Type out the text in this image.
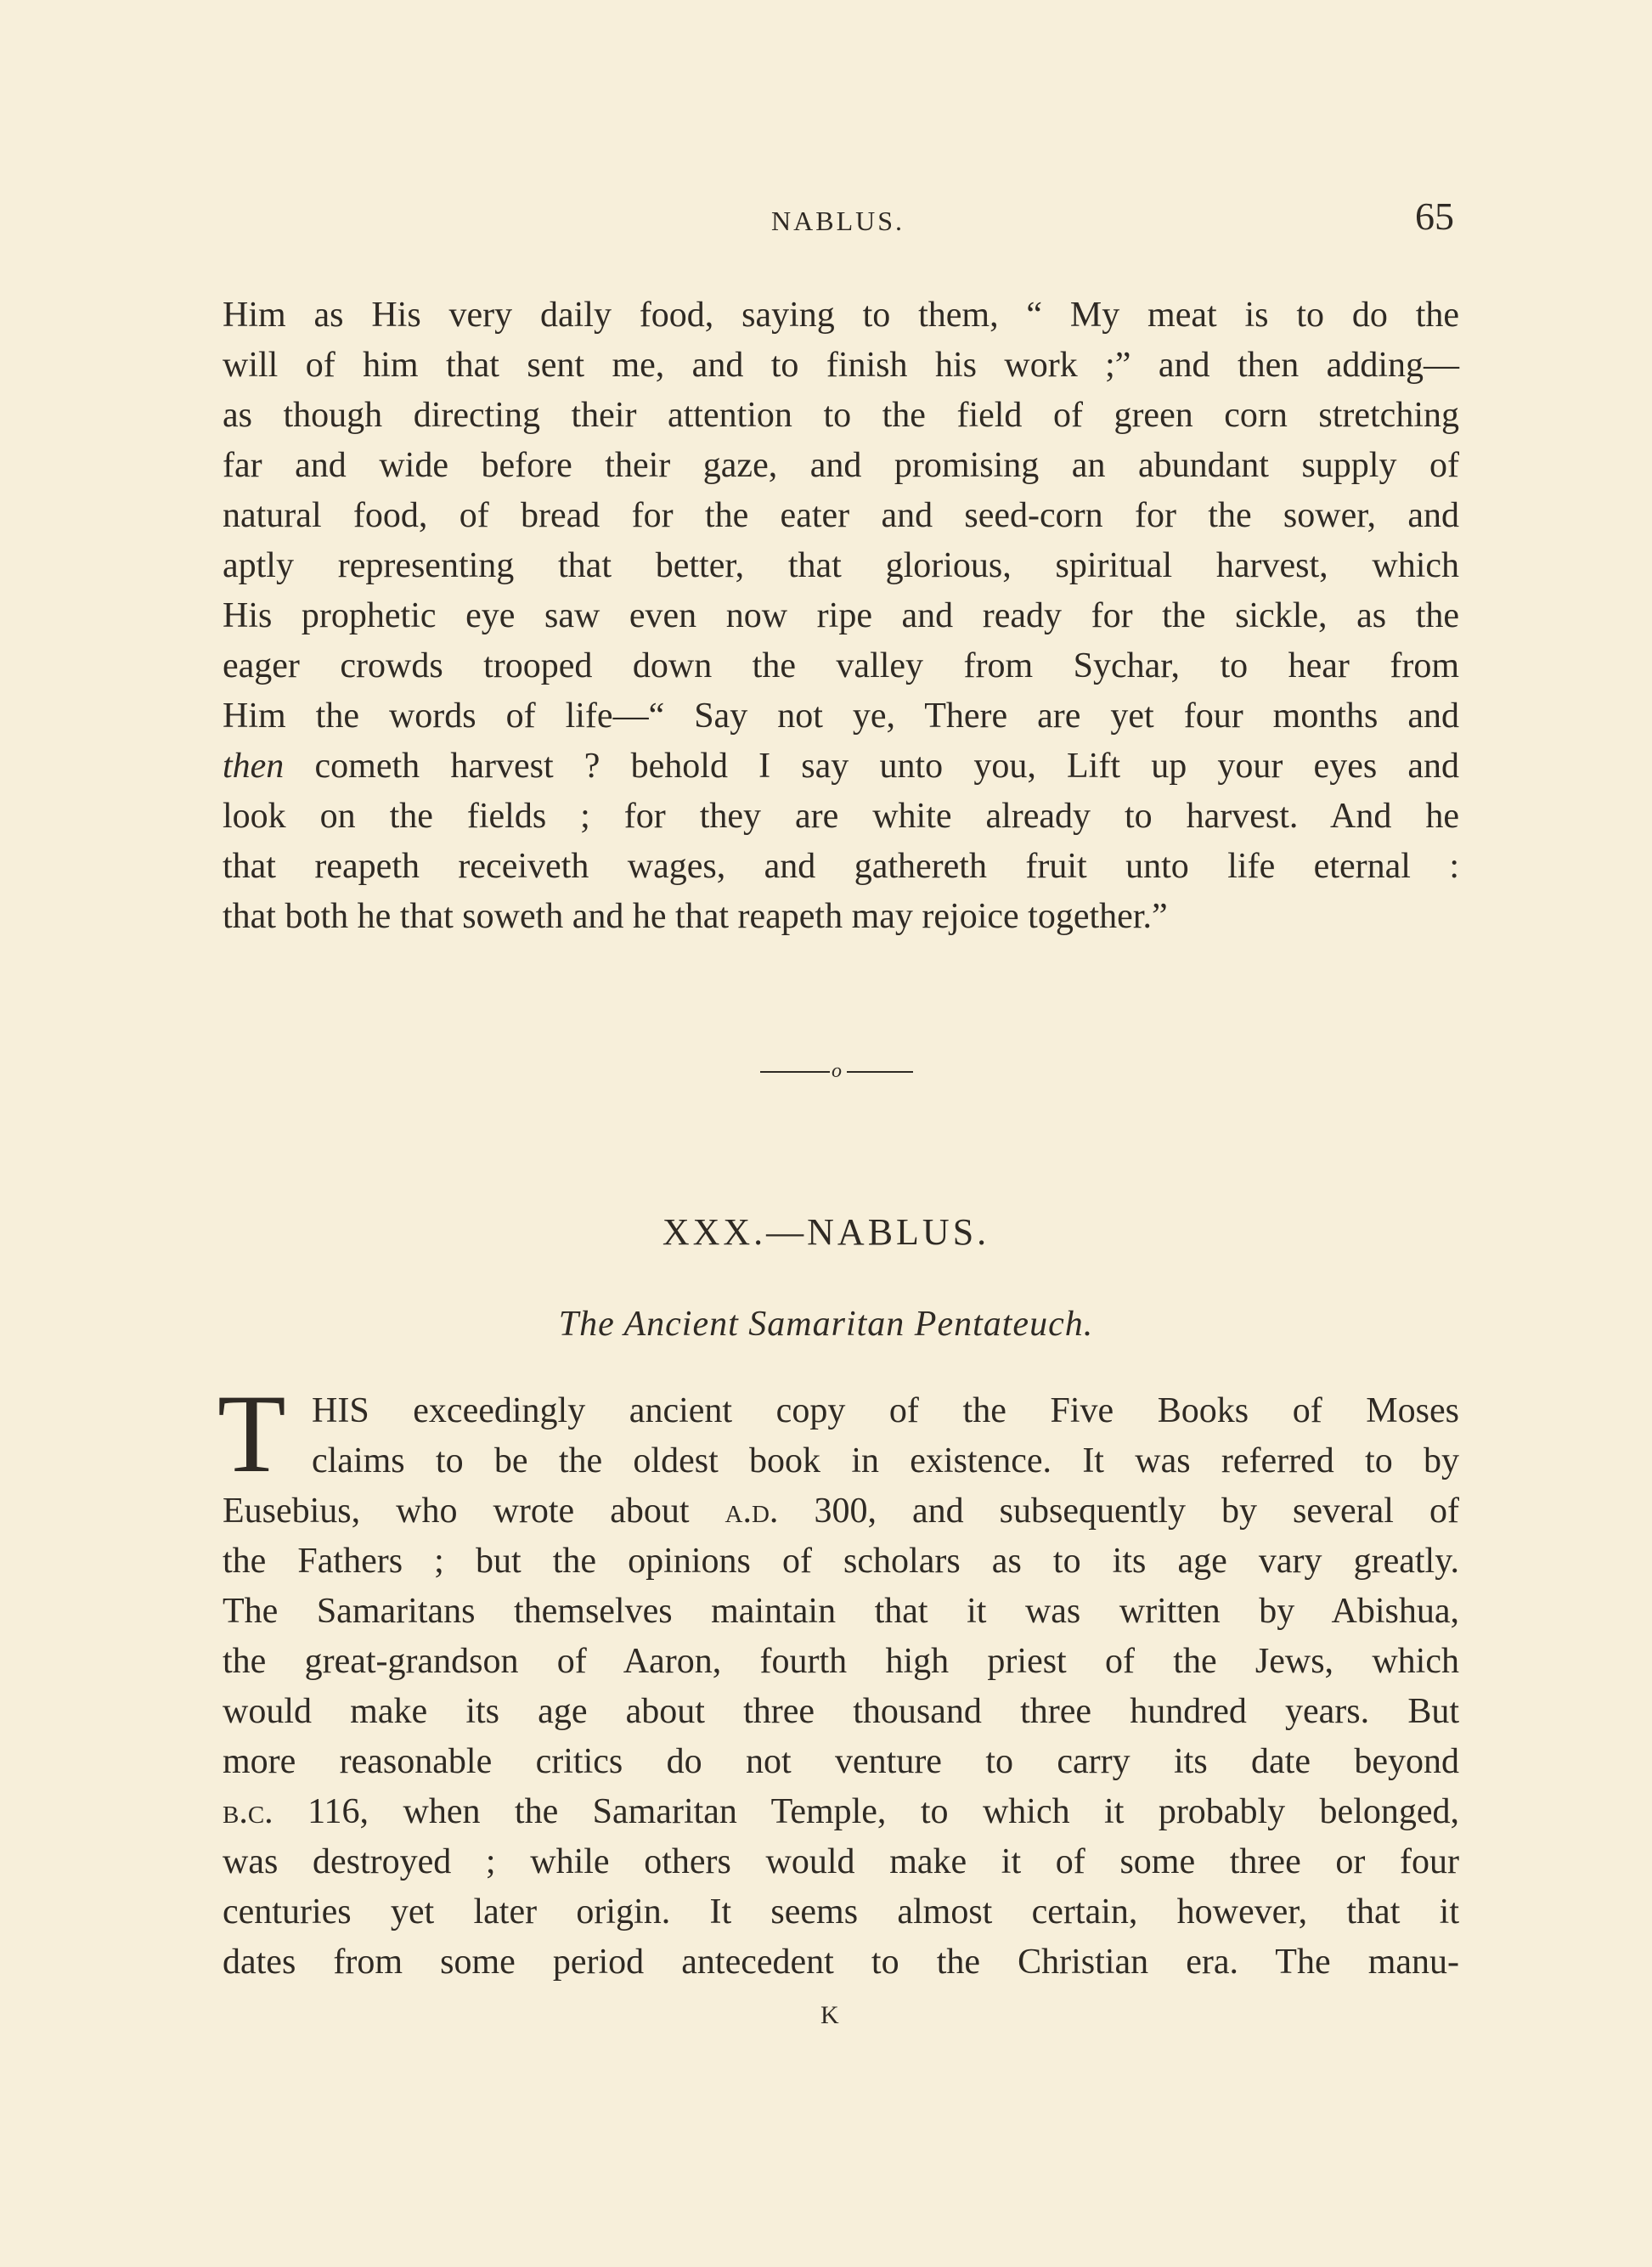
NABLUS.	65
Him as His very daily food, saying to them, “ My meat is to do the
will of him that sent me, and to finish his work ;” and then adding—
as though directing their attention to the field of green corn stretching
far and wide before their gaze, and promising an abundant supply of
natural food, of bread for the eater and seed-corn for the sower, and
aptly representing that better, that glorious, spiritual harvest, which
His prophetic eye saw even now ripe and ready for the sickle, as the
eager crowds trooped down the valley from Sychar, to hear from
Him the words of life—“ Say not ye, There are yet four months and
then cometh harvest ? behold I say unto you, Lift up your eyes and
look on the fields ; for they are white already to harvest. And he
that reapeth receiveth wages, and gathereth fruit unto life eternal :
that both he that soweth and he that reapeth may rejoice together.”
o
XXX.—NABLUS.
The Ancient Samaritan Pentateuch.
T HIS exceedingly ancient copy of the Five Books of Moses
claims to be the oldest book in existence. It was referred to by
Eusebius, who wrote about a.d. 300, and subsequently by several of
the Fathers ; but the opinions of scholars as to its age vary greatly.
The Samaritans themselves maintain that it was written by Abishua,
the great-grandson of Aaron, fourth high priest of the Jews, which
would make its age about three thousand three hundred years. But
more reasonable critics do not venture to carry its date beyond
b.c. 116, when the Samaritan Temple, to which it probably belonged,
was destroyed ; while others would make it of some three or four
centuries yet later origin. It seems almost certain, however, that it
dates from some period antecedent to the Christian era. The manu-
K
